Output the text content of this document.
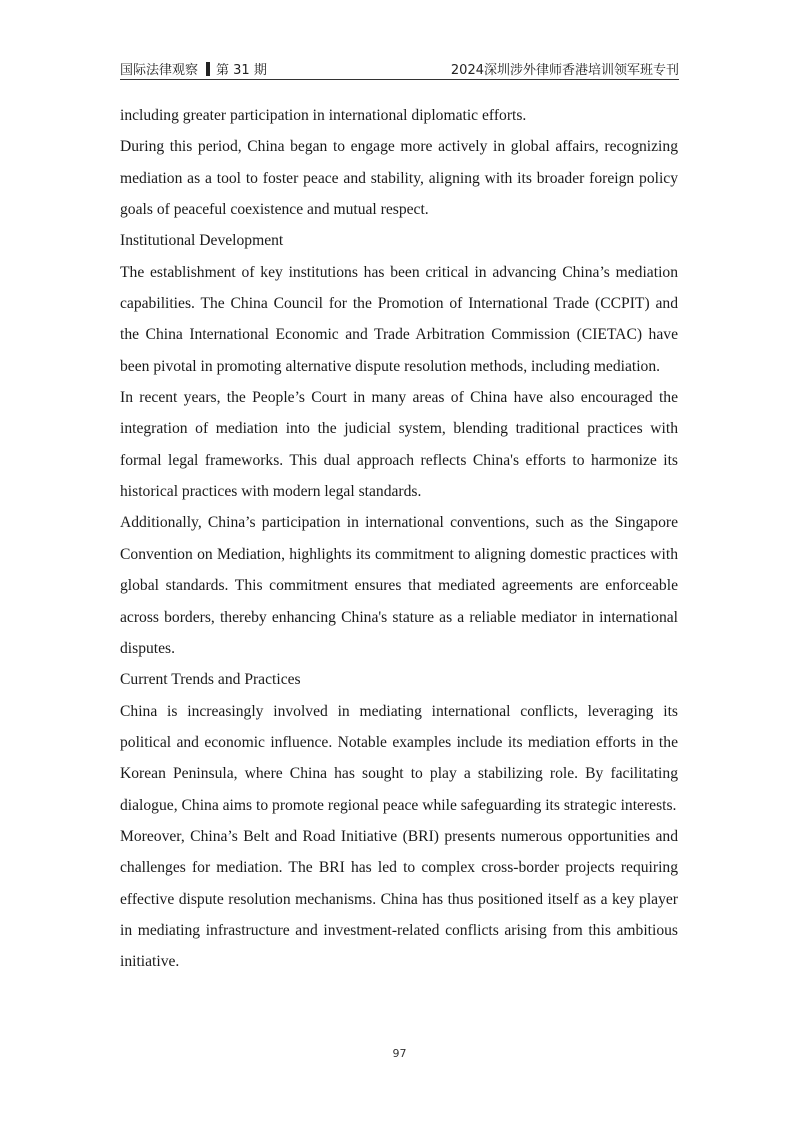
国际法律观察 第 31 期	2024深圳涉外律师香港培训领军班专刊

including greater participation in international diplomatic efforts.

During this period, China began to engage more actively in global affairs, recognizing mediation as a tool to foster peace and stability, aligning with its broader foreign policy goals of peaceful coexistence and mutual respect.

Institutional Development

The establishment of key institutions has been critical in advancing China’s mediation capabilities. The China Council for the Promotion of International Trade (CCPIT) and the China International Economic and Trade Arbitration Commission (CIETAC) have been pivotal in promoting alternative dispute resolution methods, including mediation.

In recent years, the People’s Court in many areas of China have also encouraged the integration of mediation into the judicial system, blending traditional practices with formal legal frameworks. This dual approach reflects China's efforts to harmonize its historical practices with modern legal standards.

Additionally, China’s participation in international conventions, such as the Singapore Convention on Mediation, highlights its commitment to aligning domestic practices with global standards. This commitment ensures that mediated agreements are enforceable across borders, thereby enhancing China's stature as a reliable mediator in international disputes.

Current Trends and Practices

China is increasingly involved in mediating international conflicts, leveraging its political and economic influence. Notable examples include its mediation efforts in the Korean Peninsula, where China has sought to play a stabilizing role. By facilitating dialogue, China aims to promote regional peace while safeguarding its strategic interests.

Moreover, China’s Belt and Road Initiative (BRI) presents numerous opportunities and challenges for mediation. The BRI has led to complex cross-border projects requiring effective dispute resolution mechanisms. China has thus positioned itself as a key player in mediating infrastructure and investment-related conflicts arising from this ambitious initiative.

97
